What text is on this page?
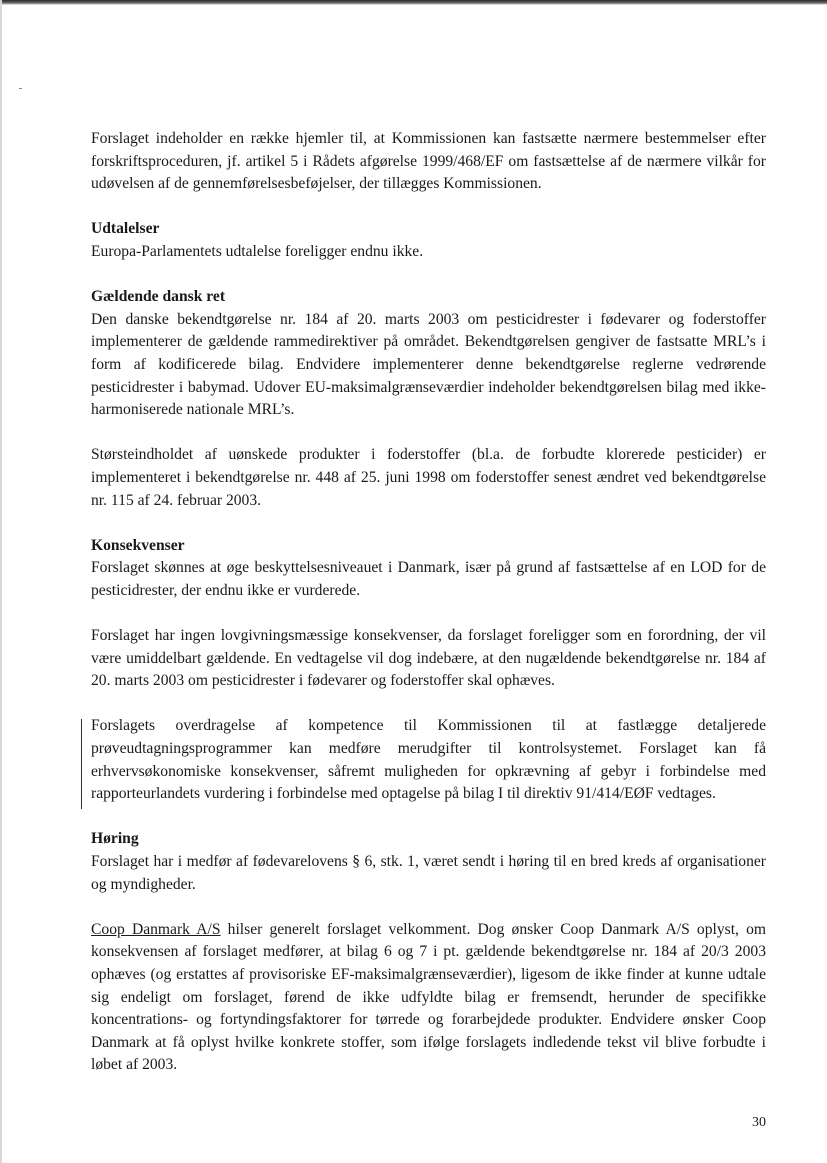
Forslaget indeholder en række hjemler til, at Kommissionen kan fastsætte nærmere bestemmelser efter forskriftsproceduren, jf. artikel 5 i Rådets afgørelse 1999/468/EF om fastsættelse af de nærmere vilkår for udøvelsen af de gennemførelsesbeføjelser, der tillægges Kommissionen.

Udtalelser

Europa-Parlamentets udtalelse foreligger endnu ikke.

Gældende dansk ret

Den danske bekendtgørelse nr. 184 af 20. marts 2003 om pesticidrester i fødevarer og foderstoffer implementerer de gældende rammedirektiver på området. Bekendtgørelsen gengiver de fastsatte MRL’s i form af kodificerede bilag. Endvidere implementerer denne bekendtgørelse reglerne vedrørende pesticidrester i babymad. Udover EU-maksimalgrænseværdier indeholder bekendtgørelsen bilag med ikke-harmoniserede nationale MRL’s.

Størsteindholdet af uønskede produkter i foderstoffer (bl.a. de forbudte klorerede pesticider) er implementeret i bekendtgørelse nr. 448 af 25. juni 1998 om foderstoffer senest ændret ved bekendtgørelse nr. 115 af 24. februar 2003.

Konsekvenser

Forslaget skønnes at øge beskyttelsesniveauet i Danmark, især på grund af fastsættelse af en LOD for de pesticidrester, der endnu ikke er vurderede.

Forslaget har ingen lovgivningsmæssige konsekvenser, da forslaget foreligger som en forordning, der vil være umiddelbart gældende. En vedtagelse vil dog indebære, at den nugældende bekendtgørelse nr. 184 af 20. marts 2003 om pesticidrester i fødevarer og foderstoffer skal ophæves.

Forslagets overdragelse af kompetence til Kommissionen til at fastlægge detaljerede prøveudtagningsprogrammer kan medføre merudgifter til kontrolsystemet. Forslaget kan få erhvervsøkonomiske konsekvenser, såfremt muligheden for opkrævning af gebyr i forbindelse med rapporteurlandets vurdering i forbindelse med optagelse på bilag I til direktiv 91/414/EØF vedtages.

Høring

Forslaget har i medfør af fødevarelovens § 6, stk. 1, været sendt i høring til en bred kreds af organisationer og myndigheder.

Coop Danmark A/S hilser generelt forslaget velkomment. Dog ønsker Coop Danmark A/S oplyst, om konsekvensen af forslaget medfører, at bilag 6 og 7 i pt. gældende bekendtgørelse nr. 184 af 20/3 2003 ophæves (og erstattes af provisoriske EF-maksimalgrænseværdier), ligesom de ikke finder at kunne udtale sig endeligt om forslaget, førend de ikke udfyldte bilag er fremsendt, herunder de specifikke koncentrations- og fortyndingsfaktorer for tørrede og forarbejdede produkter. Endvidere ønsker Coop Danmark at få oplyst hvilke konkrete stoffer, som ifølge forslagets indledende tekst vil blive forbudte i løbet af 2003.

30
